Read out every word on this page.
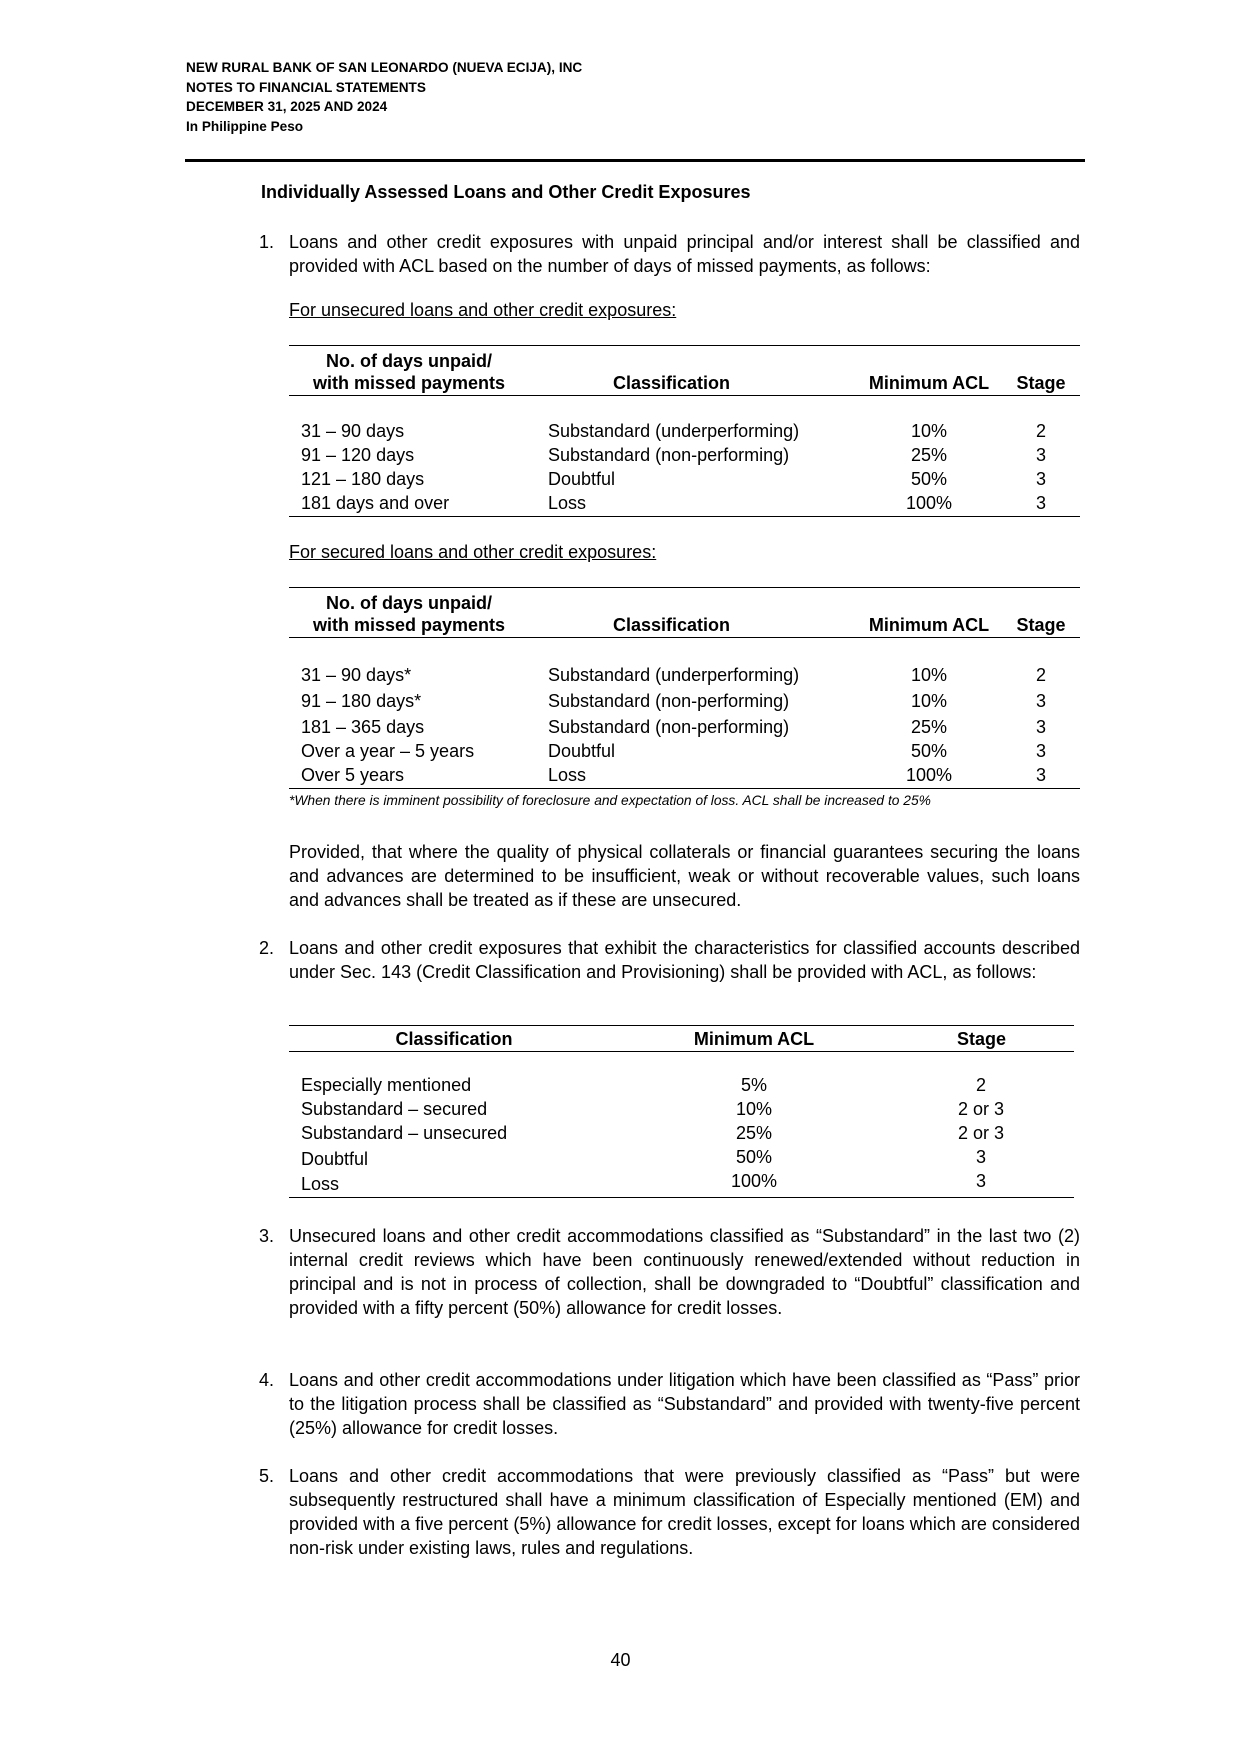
NEW RURAL BANK OF SAN LEONARDO (NUEVA ECIJA), INC
NOTES TO FINANCIAL STATEMENTS
DECEMBER 31, 2025 AND 2024
In Philippine Peso
Individually Assessed Loans and Other Credit Exposures
1. Loans and other credit exposures with unpaid principal and/or interest shall be classified and provided with ACL based on the number of days of missed payments, as follows:
For unsecured loans and other credit exposures:
No. of days unpaid/
with missed payments	Classification	Minimum ACL	Stage
31 – 90 days	Substandard (underperforming)	10%	2
91 – 120 days	Substandard (non-performing)	25%	3
121 – 180 days	Doubtful	50%	3
181 days and over	Loss	100%	3
For secured loans and other credit exposures:
No. of days unpaid/
with missed payments	Classification	Minimum ACL	Stage
31 – 90 days*	Substandard (underperforming)	10%	2
91 – 180 days*	Substandard (non-performing)	10%	3
181 – 365 days	Substandard (non-performing)	25%	3
Over a year – 5 years	Doubtful	50%	3
Over 5 years	Loss	100%	3
*When there is imminent possibility of foreclosure and expectation of loss. ACL shall be increased to 25%
Provided, that where the quality of physical collaterals or financial guarantees securing the loans and advances are determined to be insufficient, weak or without recoverable values, such loans and advances shall be treated as if these are unsecured.
2. Loans and other credit exposures that exhibit the characteristics for classified accounts described under Sec. 143 (Credit Classification and Provisioning) shall be provided with ACL, as follows:
Classification	Minimum ACL	Stage
Especially mentioned	5%	2
Substandard – secured	10%	2 or 3
Substandard – unsecured	25%	2 or 3
Doubtful	50%	3
Loss	100%	3
3. Unsecured loans and other credit accommodations classified as “Substandard” in the last two (2) internal credit reviews which have been continuously renewed/extended without reduction in principal and is not in process of collection, shall be downgraded to “Doubtful” classification and provided with a fifty percent (50%) allowance for credit losses.
4. Loans and other credit accommodations under litigation which have been classified as “Pass” prior to the litigation process shall be classified as “Substandard” and provided with twenty-five percent (25%) allowance for credit losses.
5. Loans and other credit accommodations that were previously classified as “Pass” but were subsequently restructured shall have a minimum classification of Especially mentioned (EM) and provided with a five percent (5%) allowance for credit losses, except for loans which are considered non-risk under existing laws, rules and regulations.
40
